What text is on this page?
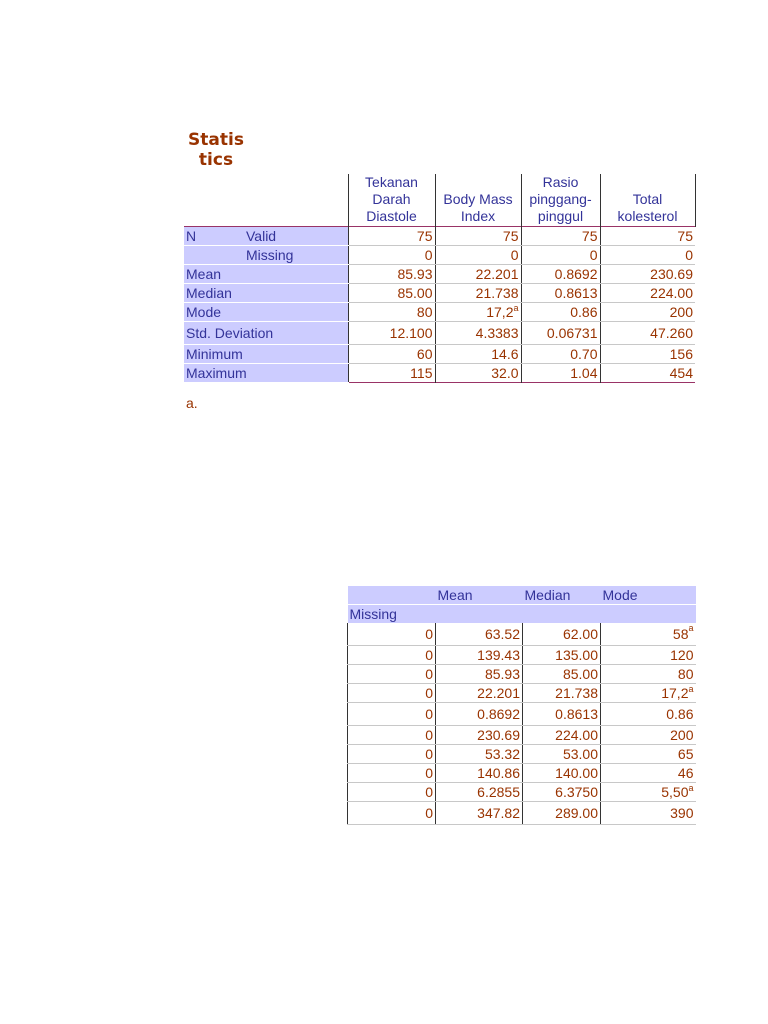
Statis tics
		Tekanan Darah Diastole	Body Mass Index	Rasio pinggang-pinggul	Total kolesterol
N	Valid	75	75	75	75
	Missing	0	0	0	0
Mean		85.93	22.201	0.8692	230.69
Median		85.00	21.738	0.8613	224.00
Mode		80	17,2$^a$	0.86	200
Std. Deviation		12.100	4.3383	0.06731	47.260
Minimum		60	14.6	0.70	156
Maximum		115	32.0	1.04	454
a.
	Mean	Median	Mode
Missing			
0	63.52	62.00	58$^a$
0	139.43	135.00	120
0	85.93	85.00	80
0	22.201	21.738	17,2$^a$
0	0.8692	0.8613	0.86
0	230.69	224.00	200
0	53.32	53.00	65
0	140.86	140.00	46
0	6.2855	6.3750	5,50$^a$
0	347.82	289.00	390
